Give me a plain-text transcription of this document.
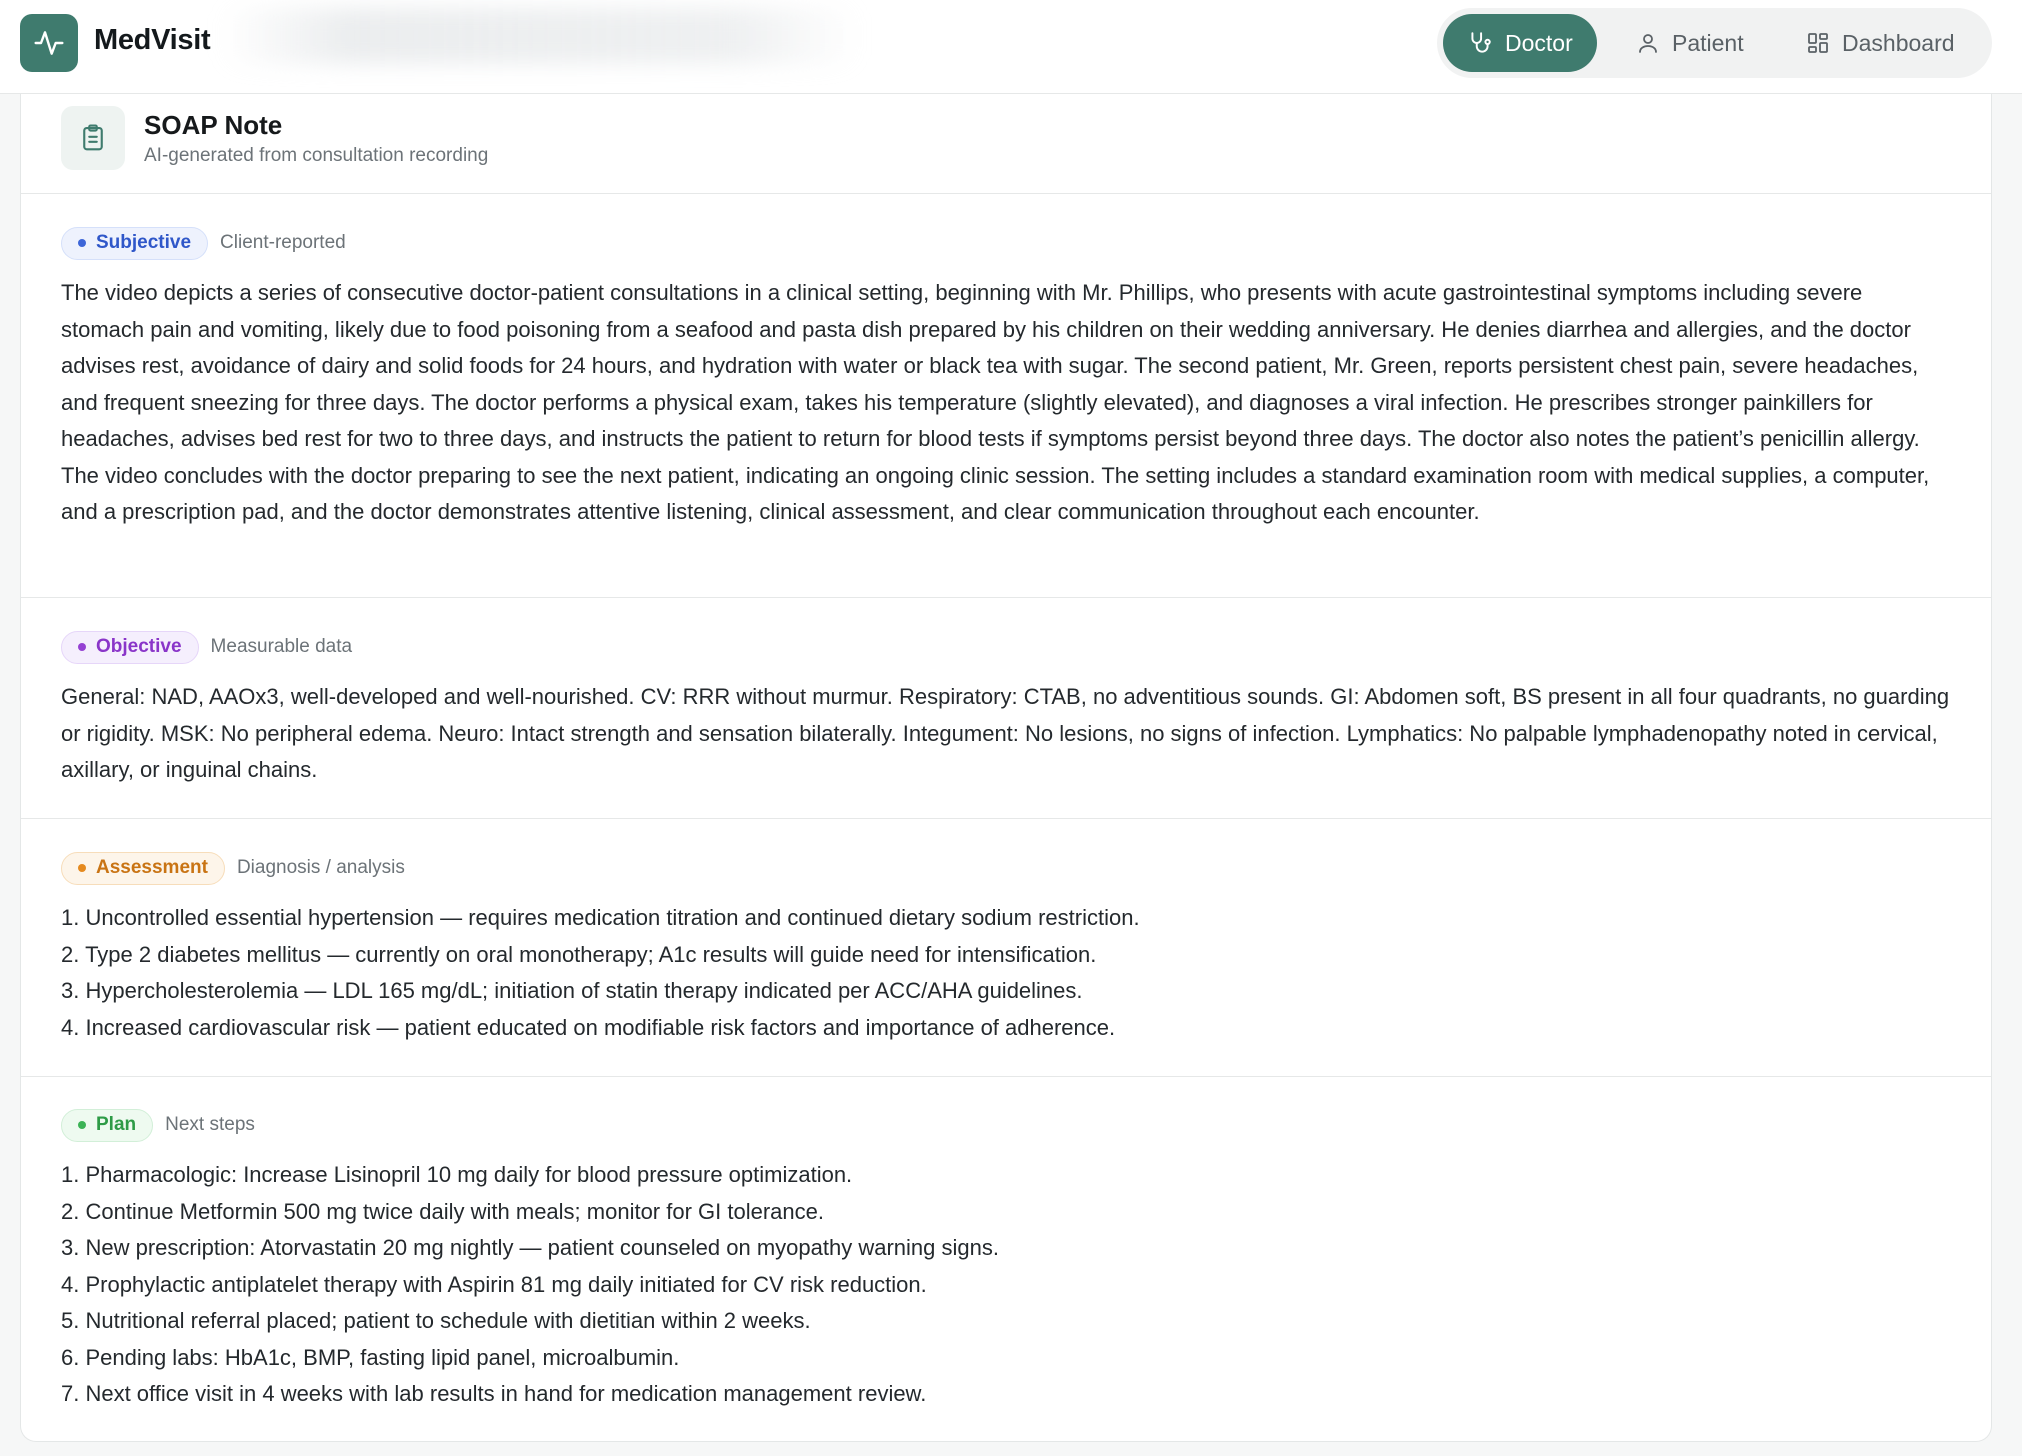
MedVisit	Doctor	Patient	Dashboard
SOAP Note
AI-generated from consultation recording
Subjective Client-reported

The video depicts a series of consecutive doctor-patient consultations in a clinical setting, beginning with Mr. Phillips, who presents with acute gastrointestinal symptoms including severe stomach pain and vomiting, likely due to food poisoning from a seafood and pasta dish prepared by his children on their wedding anniversary. He denies diarrhea and allergies, and the doctor advises rest, avoidance of dairy and solid foods for 24 hours, and hydration with water or black tea with sugar. The second patient, Mr. Green, reports persistent chest pain, severe headaches, and frequent sneezing for three days. The doctor performs a physical exam, takes his temperature (slightly elevated), and diagnoses a viral infection. He prescribes stronger painkillers for headaches, advises bed rest for two to three days, and instructs the patient to return for blood tests if symptoms persist beyond three days. The doctor also notes the patient’s penicillin allergy. The video concludes with the doctor preparing to see the next patient, indicating an ongoing clinic session. The setting includes a standard examination room with medical supplies, a computer, and a prescription pad, and the doctor demonstrates attentive listening, clinical assessment, and clear communication throughout each encounter.

Objective Measurable data

General: NAD, AAOx3, well-developed and well-nourished. CV: RRR without murmur. Respiratory: CTAB, no adventitious sounds. GI: Abdomen soft, BS present in all four quadrants, no guarding or rigidity. MSK: No peripheral edema. Neuro: Intact strength and sensation bilaterally. Integument: No lesions, no signs of infection. Lymphatics: No palpable lymphadenopathy noted in cervical, axillary, or inguinal chains.

Assessment Diagnosis / analysis
1. Uncontrolled essential hypertension — requires medication titration and continued dietary sodium restriction.
2. Type 2 diabetes mellitus — currently on oral monotherapy; A1c results will guide need for intensification.
3. Hypercholesterolemia — LDL 165 mg/dL; initiation of statin therapy indicated per ACC/AHA guidelines.
4. Increased cardiovascular risk — patient educated on modifiable risk factors and importance of adherence.
Plan Next steps
1. Pharmacologic: Increase Lisinopril 10 mg daily for blood pressure optimization.
2. Continue Metformin 500 mg twice daily with meals; monitor for GI tolerance.
3. New prescription: Atorvastatin 20 mg nightly — patient counseled on myopathy warning signs.
4. Prophylactic antiplatelet therapy with Aspirin 81 mg daily initiated for CV risk reduction.
5. Nutritional referral placed; patient to schedule with dietitian within 2 weeks.
6. Pending labs: HbA1c, BMP, fasting lipid panel, microalbumin.
7. Next office visit in 4 weeks with lab results in hand for medication management review.
